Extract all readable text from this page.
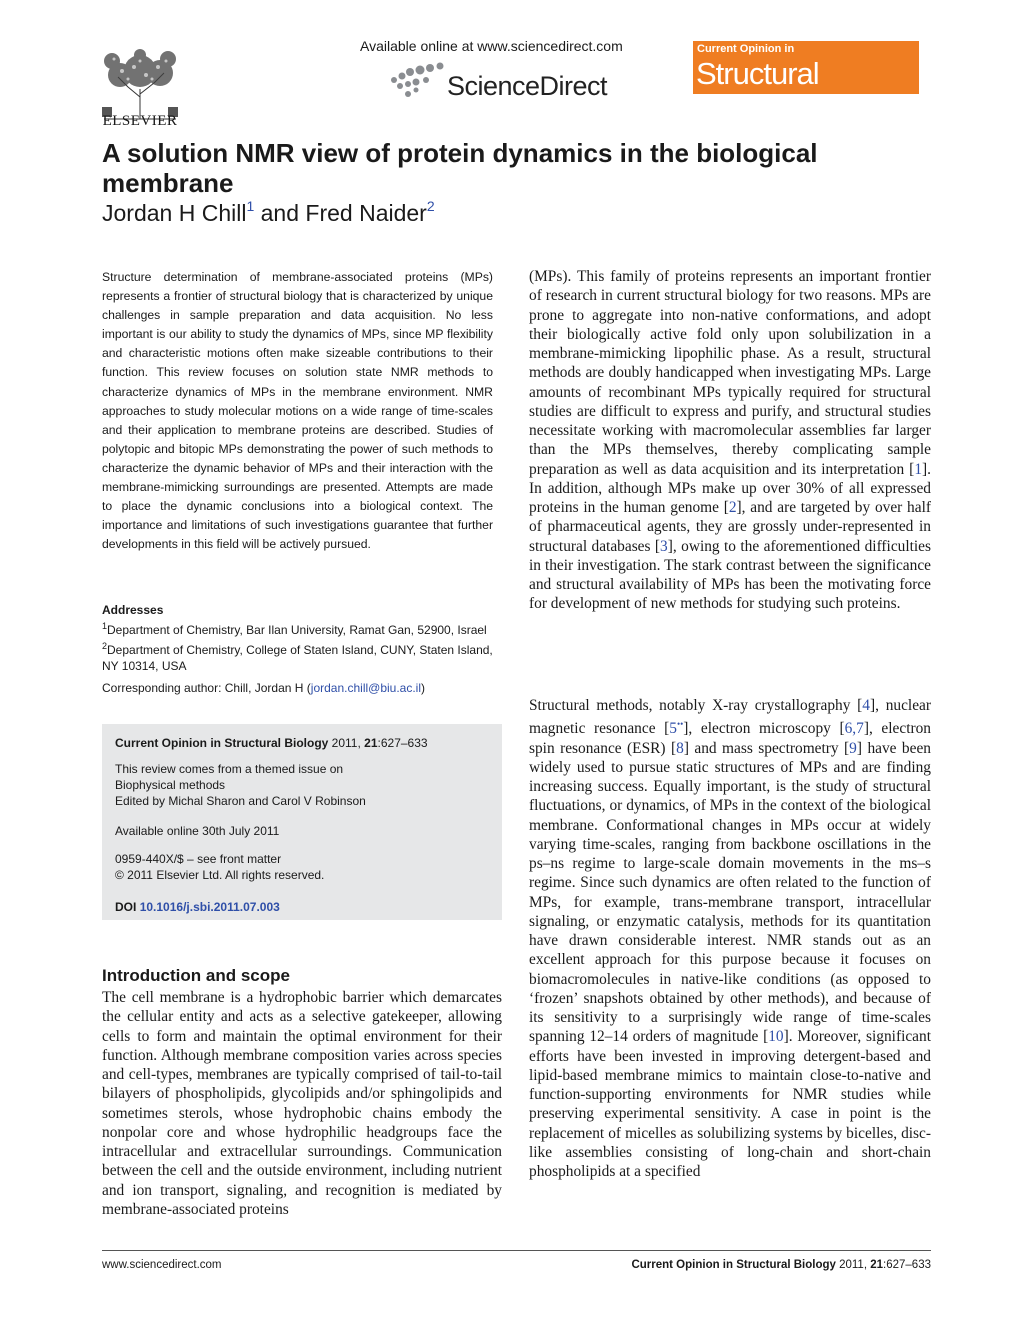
ELSEVIER
Available online at www.sciencedirect.com
ScienceDirect
Current Opinion in
Structural Biology
A solution NMR view of protein dynamics in the biological membrane
Jordan H Chill$^1$ and Fred Naider$^2$
Structure determination of membrane-associated proteins (MPs) represents a frontier of structural biology that is characterized by unique challenges in sample preparation and data acquisition. No less important is our ability to study the dynamics of MPs, since MP flexibility and characteristic motions often make sizeable contributions to their function. This review focuses on solution state NMR methods to characterize dynamics of MPs in the membrane environment. NMR approaches to study molecular motions on a wide range of time-scales and their application to membrane proteins are described. Studies of polytopic and bitopic MPs demonstrating the power of such methods to characterize the dynamic behavior of MPs and their interaction with the membrane-mimicking surroundings are presented. Attempts are made to place the dynamic conclusions into a biological context. The importance and limitations of such investigations guarantee that further developments in this field will be actively pursued.
Addresses
$^1$Department of Chemistry, Bar Ilan University, Ramat Gan, 52900, Israel
$^2$Department of Chemistry, College of Staten Island, CUNY, Staten Island, NY 10314, USA
Corresponding author: Chill, Jordan H (jordan.chill@biu.ac.il)
Current Opinion in Structural Biology 2011, 21:627–633
This review comes from a themed issue on
Biophysical methods
Edited by Michal Sharon and Carol V Robinson
Available online 30th July 2011
0959-440X/$ – see front matter
© 2011 Elsevier Ltd. All rights reserved.
DOI 10.1016/j.sbi.2011.07.003
Introduction and scope
The cell membrane is a hydrophobic barrier which demarcates the cellular entity and acts as a selective gatekeeper, allowing cells to form and maintain the optimal environment for their function. Although membrane composition varies across species and cell-types, membranes are typically comprised of tail-to-tail bilayers of phospholipids, glycolipids and/or sphingolipids and sometimes sterols, whose hydrophobic chains embody the nonpolar core and whose hydrophilic headgroups face the intracellular and extracellular surroundings. Communication between the cell and the outside environment, including nutrient and ion transport, signaling, and recognition is mediated by membrane-associated proteins
(MPs). This family of proteins represents an important frontier of research in current structural biology for two reasons. MPs are prone to aggregate into non-native conformations, and adopt their biologically active fold only upon solubilization in a membrane-mimicking lipophilic phase. As a result, structural methods are doubly handicapped when investigating MPs. Large amounts of recombinant MPs typically required for structural studies are difficult to express and purify, and structural studies necessitate working with macromolecular assemblies far larger than the MPs themselves, thereby complicating sample preparation as well as data acquisition and its interpretation [1]. In addition, although MPs make up over 30% of all expressed proteins in the human genome [2], and are targeted by over half of pharmaceutical agents, they are grossly under-represented in structural databases [3], owing to the aforementioned difficulties in their investigation. The stark contrast between the significance and structural availability of MPs has been the motivating force for development of new methods for studying such proteins.
Structural methods, notably X-ray crystallography [4], nuclear magnetic resonance [5••], electron microscopy [6,7], electron spin resonance (ESR) [8] and mass spectrometry [9] have been widely used to pursue static structures of MPs and are finding increasing success. Equally important, is the study of structural fluctuations, or dynamics, of MPs in the context of the biological membrane. Conformational changes in MPs occur at widely varying time-scales, ranging from backbone oscillations in the ps–ns regime to large-scale domain movements in the ms–s regime. Since such dynamics are often related to the function of MPs, for example, trans-membrane transport, intracellular signaling, or enzymatic catalysis, methods for its quantitation have drawn considerable interest. NMR stands out as an excellent approach for this purpose because it focuses on biomacromolecules in native-like conditions (as opposed to ‘frozen’ snapshots obtained by other methods), and because of its sensitivity to a surprisingly wide range of time-scales spanning 12–14 orders of magnitude [10]. Moreover, significant efforts have been invested in improving detergent-based and lipid-based membrane mimics to maintain close-to-native and function-supporting environments for NMR studies while preserving experimental sensitivity. A case in point is the replacement of micelles as solubilizing systems by bicelles, disc-like assemblies consisting of long-chain and short-chain phospholipids at a specified
www.sciencedirect.com	Current Opinion in Structural Biology 2011, 21:627–633
